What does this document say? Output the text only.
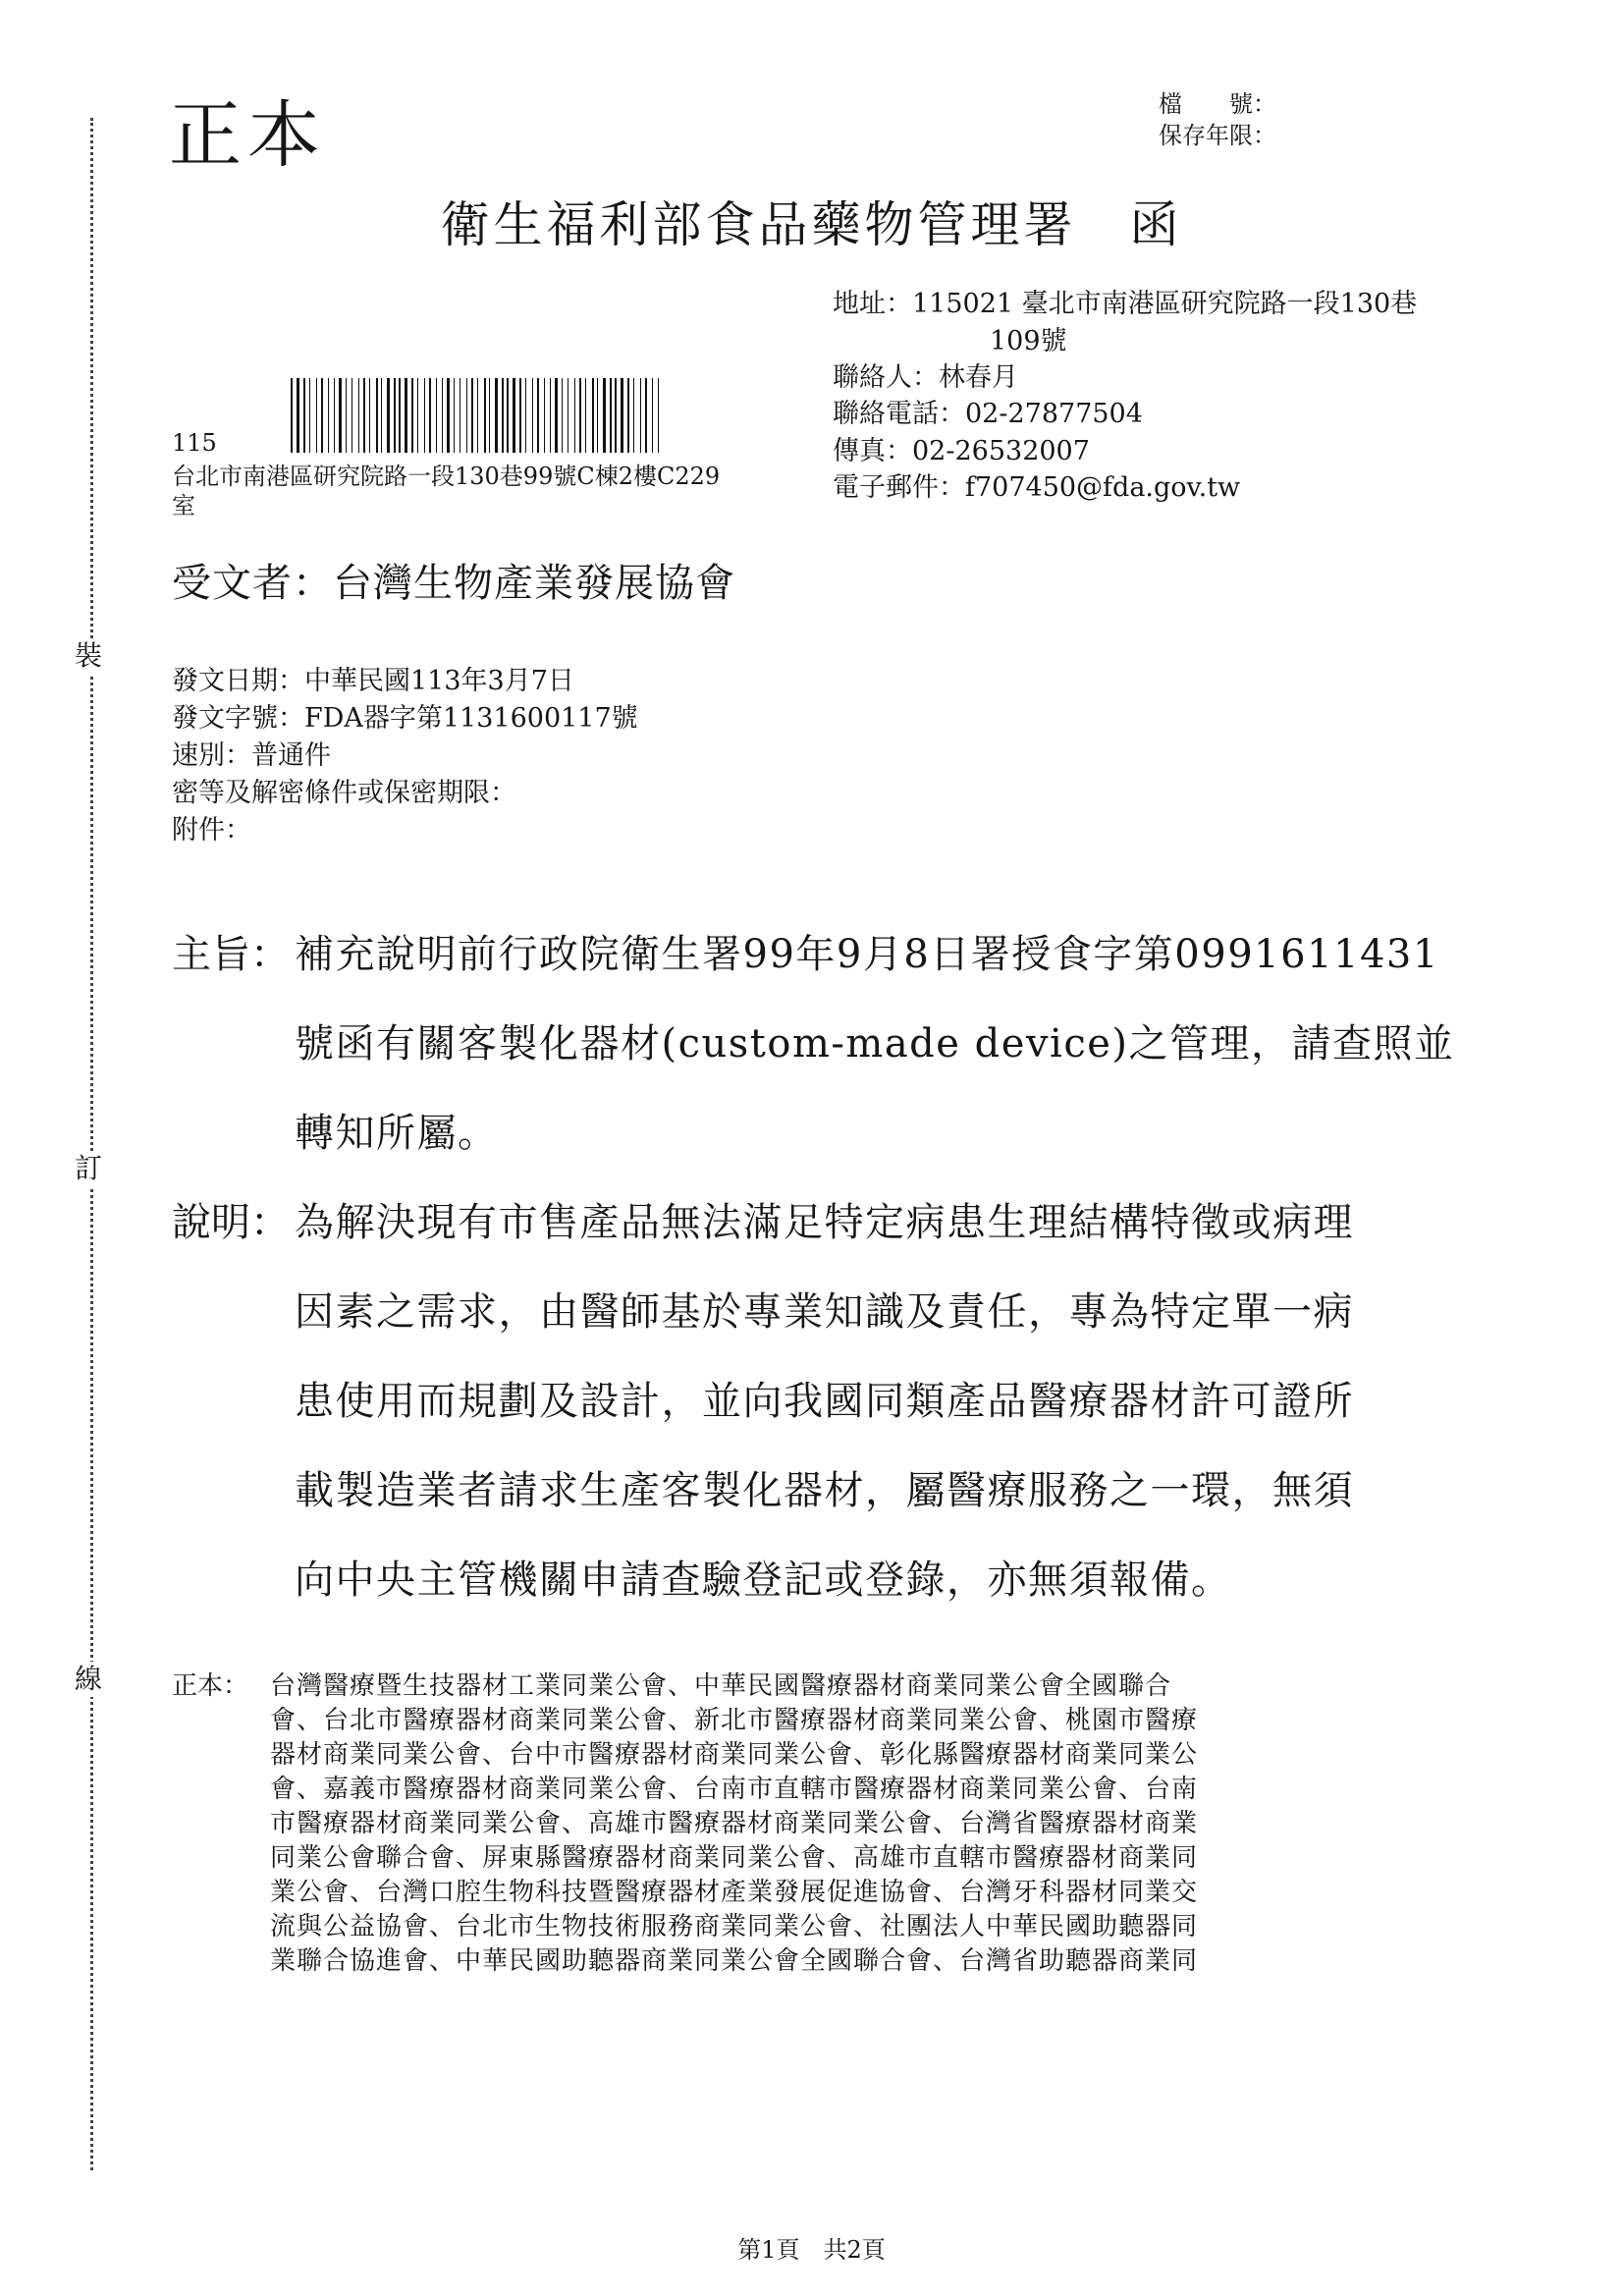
裝
訂
線
正本	檔　　號：
保存年限：
衛生福利部食品藥物管理署　函
地址：115021 臺北市南港區研究院路一段130巷
109號
聯絡人：林春月
聯絡電話：02-27877504
傳真：02-26532007
電子郵件：f707450@fda.gov.tw
115
台北市南港區研究院路一段130巷99號C棟2樓C229
室
受文者：台灣生物產業發展協會
發文日期：中華民國113年3月7日
發文字號：FDA器字第1131600117號
速別：普通件
密等及解密條件或保密期限：
附件：
主旨： 補充說明前行政院衛生署99年9月8日署授食字第0991611431
號函有關客製化器材(custom-made device)之管理，請查照並
轉知所屬。
說明： 為解決現有市售產品無法滿足特定病患生理結構特徵或病理
因素之需求，由醫師基於專業知識及責任，專為特定單一病
患使用而規劃及設計，並向我國同類產品醫療器材許可證所
載製造業者請求生產客製化器材，屬醫療服務之一環，無須
向中央主管機關申請查驗登記或登錄，亦無須報備。
正本： 台灣醫療暨生技器材工業同業公會、中華民國醫療器材商業同業公會全國聯合
會、台北市醫療器材商業同業公會、新北市醫療器材商業同業公會、桃園市醫療
器材商業同業公會、台中市醫療器材商業同業公會、彰化縣醫療器材商業同業公
會、嘉義市醫療器材商業同業公會、台南市直轄市醫療器材商業同業公會、台南
市醫療器材商業同業公會、高雄市醫療器材商業同業公會、台灣省醫療器材商業
同業公會聯合會、屏東縣醫療器材商業同業公會、高雄市直轄市醫療器材商業同
業公會、台灣口腔生物科技暨醫療器材產業發展促進協會、台灣牙科器材同業交
流與公益協會、台北市生物技術服務商業同業公會、社團法人中華民國助聽器同
業聯合協進會、中華民國助聽器商業同業公會全國聯合會、台灣省助聽器商業同
第1頁　共2頁
